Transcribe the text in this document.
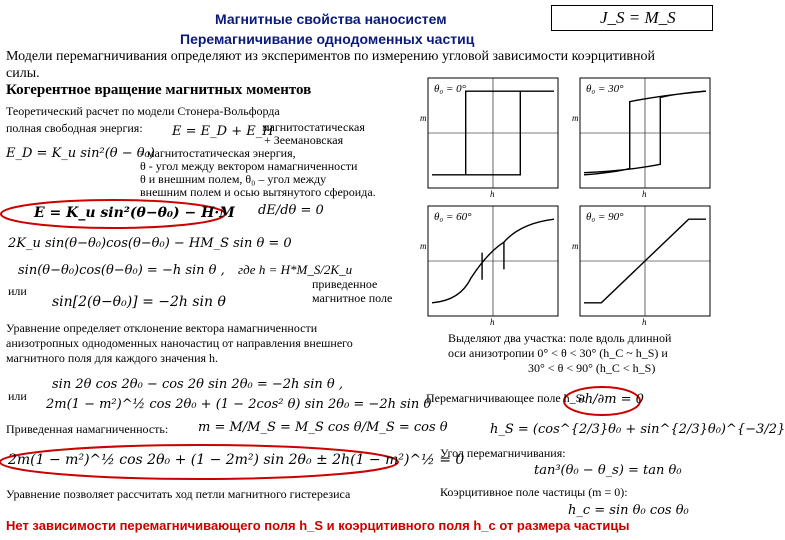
Магнитные свойства наносистем	J_S = M_S
Перемагничивание однодоменных частиц
Модели перемагничивания определяют из экспериментов по измерению угловой зависимости коэрцитивной силы.
Когерентное вращение магнитных моментов
Теоретический расчет по модели Стонера-Вольфорда
полная свободная энергия: E = E_D + E_H
магнитостатическая
+ Зеемановская
E_D = K_u sin²(θ − θ₀)
- магнитостатическая энергия,
θ - угол между вектором намагниченности
θ и внешним полем, θ₀ – угол между
внешним полем и осью вытянутого сфероида.
E = K_u sin²(θ−θ₀) − H·M dE/dθ = 0
2K_u sin(θ−θ₀)cos(θ−θ₀) − HM_S sin θ = 0
sin(θ−θ₀)cos(θ−θ₀) = −h sin θ , где h = H*M_S/2K_u
приведенное
магнитное поле
или
sin[2(θ−θ₀)] = −2h sin θ
Уравнение определяет отклонение вектора намагниченности
анизотропных однодоменных наночастиц от направления внешнего
магнитного поля для каждого значения h.
sin 2θ cos 2θ₀ − cos 2θ sin 2θ₀ = −2h sin θ ,
или
2m(1 − m²)^½ cos 2θ₀ + (1 − 2cos² θ) sin 2θ₀ = −2h sin θ
Приведенная намагниченность: m = M/M_S = M_S cos θ/M_S = cos θ
2m(1 − m²)^½ cos 2θ₀ + (1 − 2m²) sin 2θ₀ ± 2h(1 − m²)^½ = 0
Уравнение позволяет рассчитать ход петли магнитного гистерезиса
Выделяют два участка: поле вдоль длинной
оси анизотропии 0° < θ < 30° (h_C ~ h_S) и
30° < θ < 90° (h_C < h_S)
Перемагничивающее поле h_S:
∂h/∂m = 0
h_S = (cos^{2/3}θ₀ + sin^{2/3}θ₀)^{−3/2}
Угол перемагничивания:
tan³(θ₀ − θ_s) = tan θ₀
Коэрцитивное поле частицы (m = 0):
h_c = sin θ₀ cos θ₀
θ₀ = 0°
h
m
θ₀ = 30°
h
m
θ₀ = 60°
h
m
θ₀ = 90°
h
m
Нет зависимости перемагничивающего поля h_S и коэрцитивного поля h_c от размера частицы
